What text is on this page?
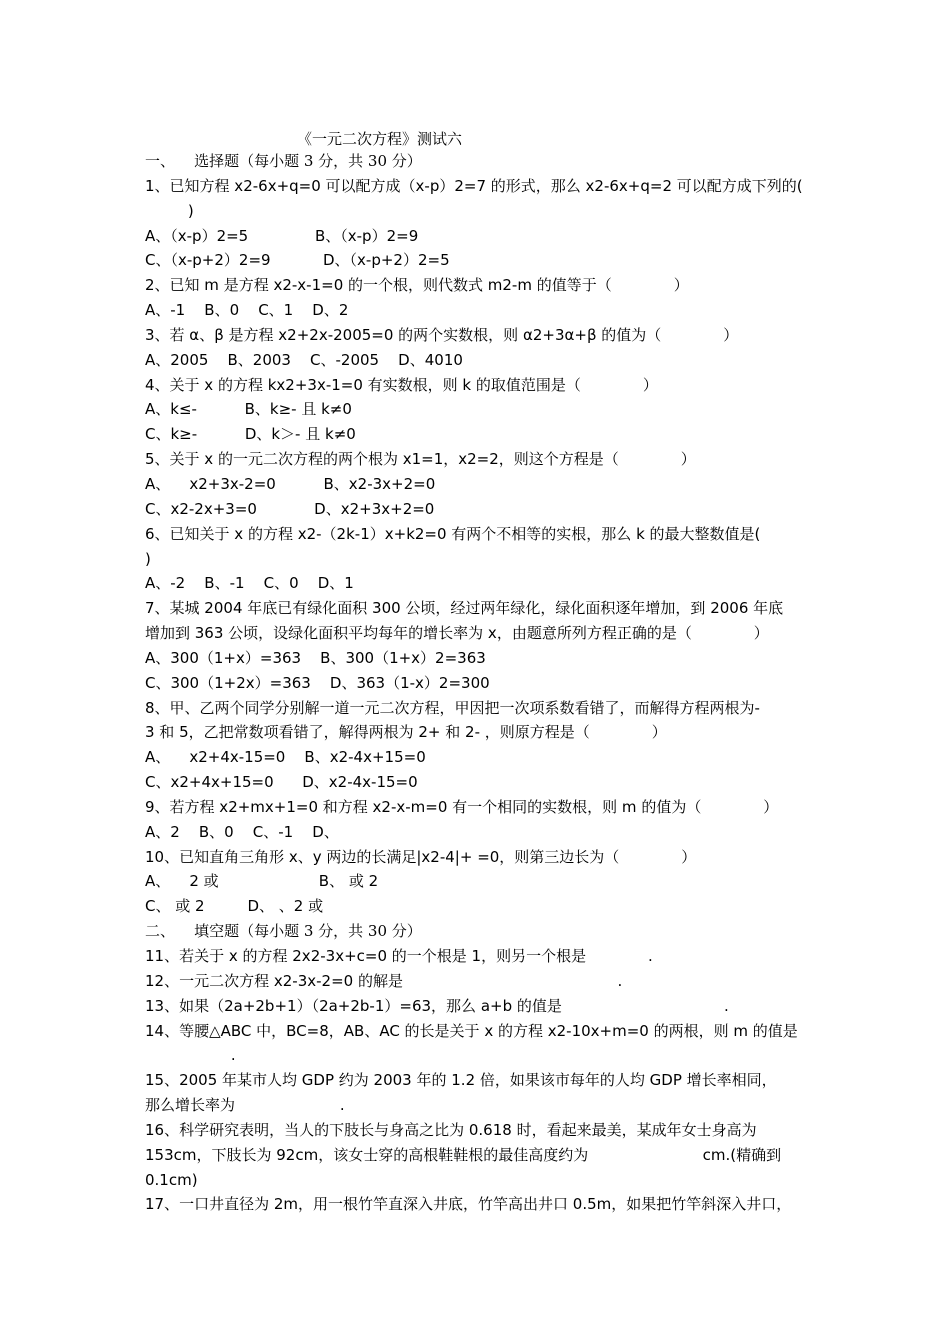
《一元二次方程》测试六
一、    选择题（每小题 3 分，共 30 分）
1、已知方程 x2-6x+q=0 可以配方成（x-p）2=7 的形式，那么 x2-6x+q=2 可以配方成下列的(
)
A、（x-p）2=5              B、（x-p）2=9
C、（x-p+2）2=9           D、（x-p+2）2=5
2、已知 m 是方程 x2-x-1=0 的一个根，则代数式 m2-m 的值等于（             ）
A、-1    B、0    C、1    D、2
3、若 α、β 是方程 x2+2x-2005=0 的两个实数根，则 α2+3α+β 的值为（             ）
A、2005    B、2003    C、-2005    D、4010
4、关于 x 的方程 kx2+3x-1=0 有实数根，则 k 的取值范围是（             ）
A、k≤-          B、k≥- 且 k≠0
C、k≥-          D、k＞- 且 k≠0
5、关于 x 的一元二次方程的两个根为 x1=1，x2=2，则这个方程是（             ）
A、    x2+3x-2=0          B、x2-3x+2=0
C、x2-2x+3=0            D、x2+3x+2=0
6、已知关于 x 的方程 x2-（2k-1）x+k2=0 有两个不相等的实根，那么 k 的最大整数值是(
)
A、-2    B、-1    C、0    D、1
7、某城 2004 年底已有绿化面积 300 公顷，经过两年绿化，绿化面积逐年增加，到 2006 年底
增加到 363 公顷，设绿化面积平均每年的增长率为 x，由题意所列方程正确的是（             ）
A、300（1+x）=363    B、300（1+x）2=363
C、300（1+2x）=363    D、363（1-x）2=300
8、甲、乙两个同学分别解一道一元二次方程，甲因把一次项系数看错了，而解得方程两根为-
3 和 5，乙把常数项看错了，解得两根为 2+ 和 2- ，则原方程是（             ）
A、    x2+4x-15=0    B、x2-4x+15=0
C、x2+4x+15=0      D、x2-4x-15=0
9、若方程 x2+mx+1=0 和方程 x2-x-m=0 有一个相同的实数根，则 m 的值为（             ）
A、2    B、0    C、-1    D、
10、已知直角三角形 x、y 两边的长满足|x2-4|+ =0，则第三边长为（             ）
A、    2 或                     B、 或 2
C、 或 2         D、 、2 或
二、    填空题（每小题 3 分，共 30 分）
11、若关于 x 的方程 2x2-3x+c=0 的一个根是 1，则另一个根是             .
12、一元二次方程 x2-3x-2=0 的解是                                             .
13、如果（2a+2b+1）（2a+2b-1）=63，那么 a+b 的值是                                  .
14、等腰△ABC 中，BC=8，AB、AC 的长是关于 x 的方程 x2-10x+m=0 的两根，则 m 的值是
.
15、2005 年某市人均 GDP 约为 2003 年的 1.2 倍，如果该市每年的人均 GDP 增长率相同，
那么增长率为                      .
16、科学研究表明，当人的下肢长与身高之比为 0.618 时，看起来最美，某成年女士身高为
153cm，下肢长为 92cm，该女士穿的高根鞋鞋根的最佳高度约为                        cm.(精确到
0.1cm)
17、一口井直径为 2m，用一根竹竿直深入井底，竹竿高出井口 0.5m，如果把竹竿斜深入井口，
